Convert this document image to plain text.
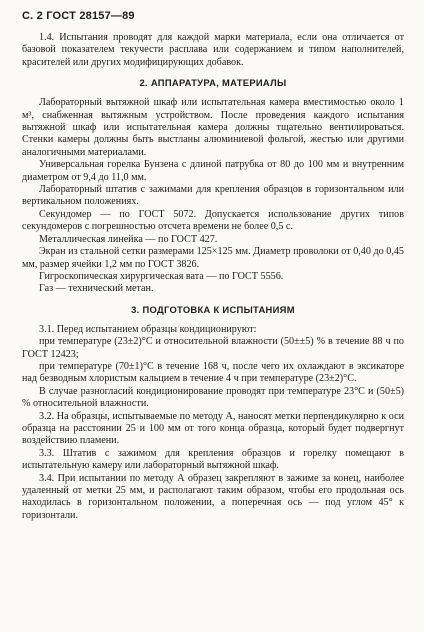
С. 2 ГОСТ 28157—89

1.4. Испытания проводят для каждой марки материала, если она отличается от базовой показателем текучести расплава или содержанием и типом наполнителей, красителей или других модифицирующих добавок.

2. АППАРАТУРА, МАТЕРИАЛЫ

Лабораторный вытяжной шкаф или испытательная камера вместимостью около 1 м³, снабженная вытяжным устройством. После проведения каждого испытания вытяжной шкаф или испытательная камера должны тщательно вентилироваться. Стенки камеры должны быть выстланы алюминиевой фольгой, жестью или другими аналогичными материалами.

Универсальная горелка Бунзена с длиной патрубка от 80 до 100 мм и внутренним диаметром от 9,4 до 11,0 мм.

Лабораторный штатив с зажимами для крепления образцов в горизонтальном или вертикальном положениях.

Секундомер — по ГОСТ 5072. Допускается использование других типов секундомеров с погрешностью отсчета времени не более 0,5 с.

Металлическая линейка — по ГОСТ 427.

Экран из стальной сетки размерами 125×125 мм. Диаметр проволоки от 0,40 до 0,45 мм, размер ячейки 1,2 мм по ГОСТ 3826.

Гигроскопическая хирургическая вата — по ГОСТ 5556.

Газ — технический метан.

3. ПОДГОТОВКА К ИСПЫТАНИЯМ

3.1. Перед испытанием образцы кондиционируют:

при температуре (23±2)°С и относительной влажности (50±±5) % в течение 88 ч по ГОСТ 12423;

при температуре (70±1)°С в течение 168 ч, после чего их охлаждают в эксикаторе над безводным хлористым кальцием в течение 4 ч при температуре (23±2)°С.

В случае разногласий кондиционирование проводят при температуре 23°С и (50±5) % относительной влажности.

3.2. На образцы, испытываемые по методу А, наносят метки перпендикулярно к оси образца на расстоянии 25 и 100 мм от того конца образца, который будет подвергнут воздействию пламени.

3.3. Штатив с зажимом для крепления образцов и горелку помещают в испытательную камеру или лабораторный вытяжной шкаф.

3.4. При испытании по методу А образец закрепляют в зажиме за конец, наиболее удаленный от метки 25 мм, и располагают таким образом, чтобы его продольная ось находилась в горизонтальном положении, а поперечная ось — под углом 45° к горизонтали.
